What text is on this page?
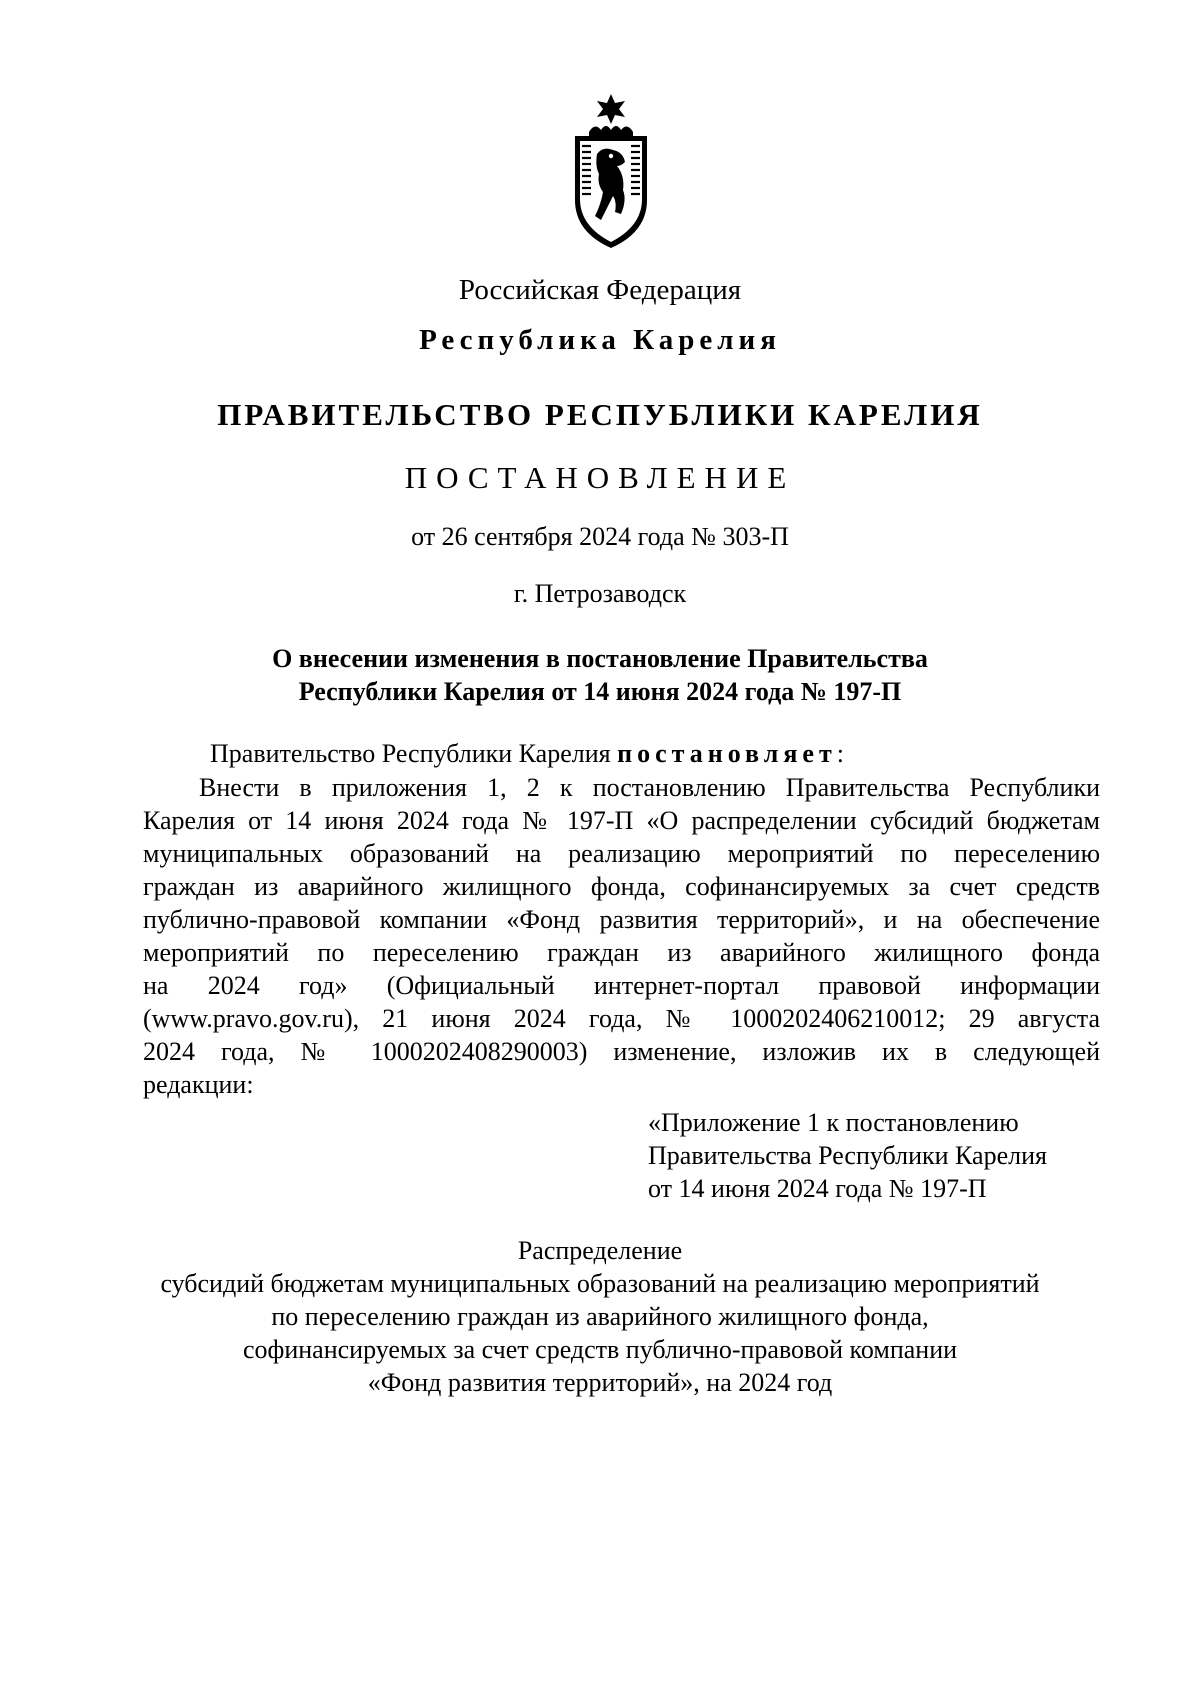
Российская Федерация
Республика Карелия
ПРАВИТЕЛЬСТВО РЕСПУБЛИКИ КАРЕЛИЯ
ПОСТАНОВЛЕНИЕ
от 26 сентября 2024 года № 303-П
г. Петрозаводск
О внесении изменения в постановление Правительства
Республики Карелия от 14 июня 2024 года № 197-П
Правительство Республики Карелия постановляет:
Внести в приложения 1, 2 к постановлению Правительства Республики
Карелия от 14 июня 2024 года № 197-П «О распределении субсидий бюджетам
муниципальных образований на реализацию мероприятий по переселению
граждан из аварийного жилищного фонда, софинансируемых за счет средств
публично-правовой компании «Фонд развития территорий», и на обеспечение
мероприятий по переселению граждан из аварийного жилищного фонда
на 2024 год» (Официальный интернет-портал правовой информации
(www.pravo.gov.ru), 21 июня 2024 года, № 1000202406210012; 29 августа
2024 года, № 1000202408290003) изменение, изложив их в следующей
редакции:
«Приложение 1 к постановлению
Правительства Республики Карелия
от 14 июня 2024 года № 197-П
Распределение
субсидий бюджетам муниципальных образований на реализацию мероприятий
по переселению граждан из аварийного жилищного фонда,
софинансируемых за счет средств публично-правовой компании
«Фонд развития территорий», на 2024 год
